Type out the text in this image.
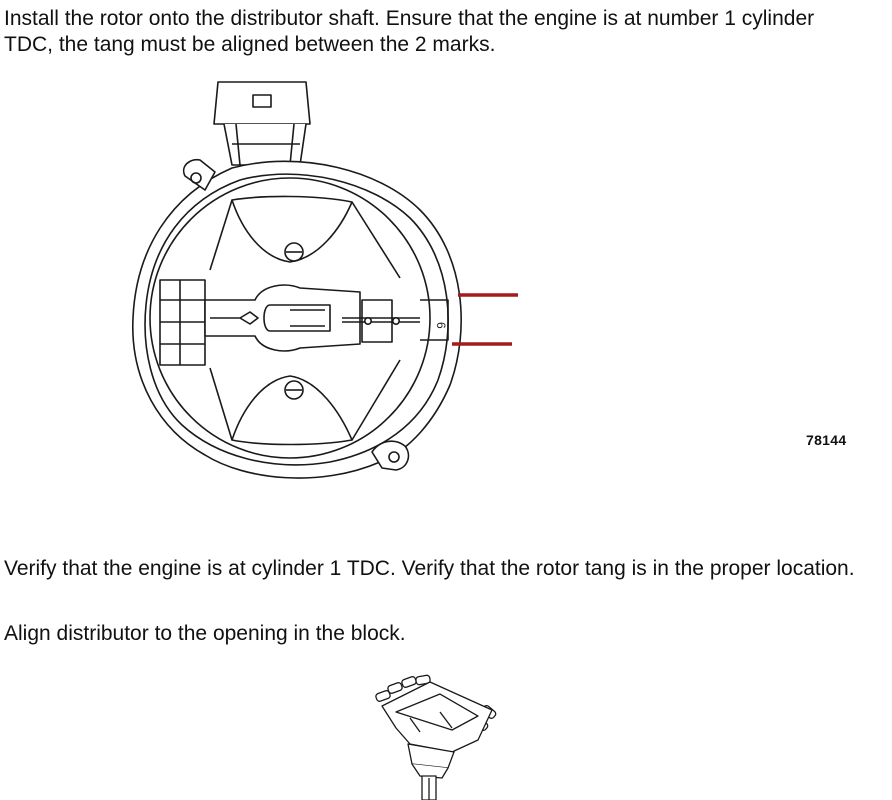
Install the rotor onto the distributor shaft. Ensure that the engine is at number 1 cylinder TDC, the tang must be aligned between the 2 marks.

6
78144

Verify that the engine is at cylinder 1 TDC. Verify that the rotor tang is in the proper location.

Align distributor to the opening in the block.
